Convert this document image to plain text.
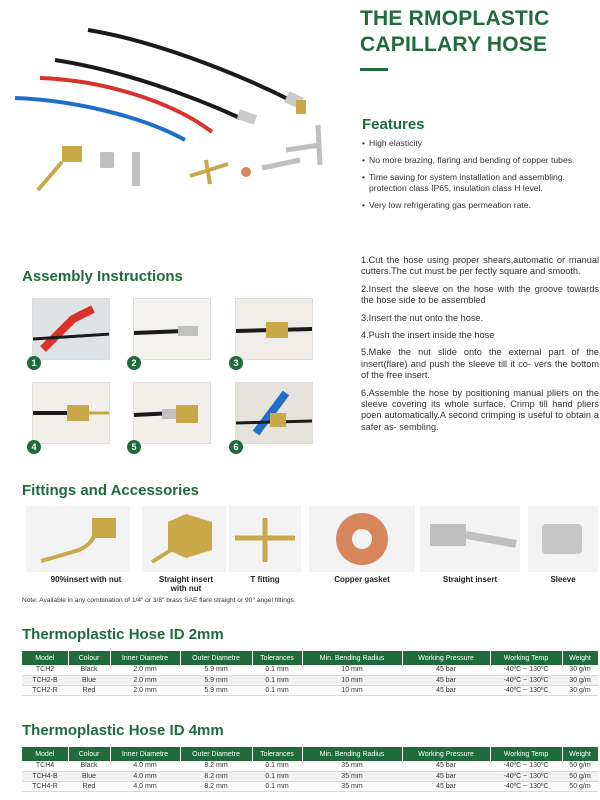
THE RMOPLASTIC
CAPILLARY HOSE
Features
• High elasticity
• No more brazing, flaring and bending of copper tubes.
• Time saving for system installation and assembling. protection class IP65, insulation class H level.
• Very low refrigerating gas permeation rate.
Assembly Instructions
1	2	3
4	5	6

1.Cut the hose using proper shears,automatic or manual cutters.The cut must be per fectly square and smooth.

2.Insert the sleeve on the hose with the groove towards the hose side to be assembled

3.Insert the nut onto the hose.

4.Push the insert inside the hose

5.Make the nut slide onto the external part of the insert(flare) and push the sleeve till it co- vers the bottom of the free insert.

6.Assemble the hose by positioning manual pliers on the sleeve covering its whole surface. Crimp till hand pliers poen automatically.A second crimping is useful to obtain a safer as- sembling.

Fittings and Accessories
90%insert with nut	Straight insert
with nut
T fitting	Copper gasket	Straight insert	Sleeve
Note: Available in any combination of 1/4" or 3/8" brass SAE flare straight or 90° angel fittings.
Thermoplastic Hose ID 2mm
Model	Colour	Inner Diametre	Outer Diametre	Tolerances	Min. Bending Radius	Working Pressure	Working Temp	Weight
TCH2	Black	2.0 mm	5.9 mm	0.1 mm	10 mm	45 bar	-40ºC ~ 130ºC	30 g/m
TCH2-B	Blue	2.0 mm	5.9 mm	0.1 mm	10 mm	45 bar	-40ºC ~ 130ºC	30 g/m
TCH2-R	Red	2.0 mm	5.9 mm	0.1 mm	10 mm	45 bar	-40ºC ~ 130ºC	30 g/m
Thermoplastic Hose ID 4mm
Model	Colour	Inner Diametre	Outer Diametre	Tolerances	Min. Bending Radius	Working Pressure	Working Temp	Weight
TCH4	Black	4.0 mm	8.2 mm	0.1 mm	35 mm	45 bar	-40ºC ~ 130ºC	50 g/m
TCH4-B	Blue	4.0 mm	8.2 mm	0.1 mm	35 mm	45 bar	-40ºC ~ 130ºC	50 g/m
TCH4-R	Red	4.0 mm	8.2 mm	0.1 mm	35 mm	45 bar	-40ºC ~ 130ºC	50 g/m
